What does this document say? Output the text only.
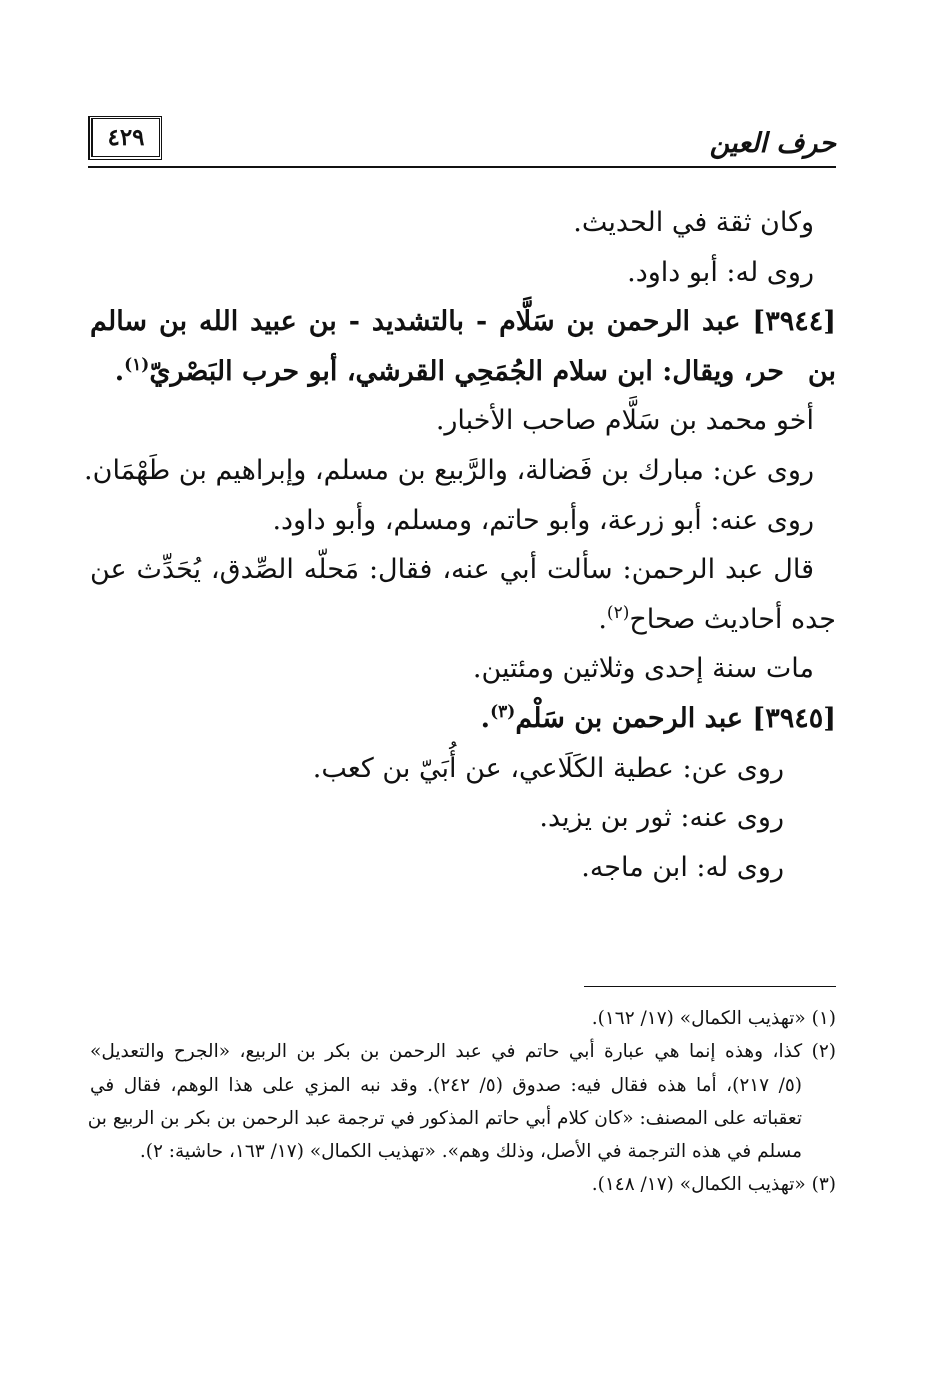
حرف العين
٤٢٩
وكان ثقة في الحديث.
روى له: أبو داود.
[٣٩٤٤] عبد الرحمن بن سَلَّام - بالتشديد - بن عبيد الله بن سالم بن
حر، ويقال: ابن سلام الجُمَحِي القرشي، أبو حرب البَصْريّ$^{(١)}$.
أخو محمد بن سَلَّام صاحب الأخبار.
روى عن: مبارك بن فَضالة، والرَّبيع بن مسلم، وإبراهيم بن طَهْمَان.
روى عنه: أبو زرعة، وأبو حاتم، ومسلم، وأبو داود.
قال عبد الرحمن: سألت أبي عنه، فقال: مَحلّه الصِّدق، يُحَدِّث عن
جده أحاديث صحاح$^{(٢)}$.
مات سنة إحدى وثلاثين ومئتين.
[٣٩٤٥] عبد الرحمن بن سَلْم$^{(٣)}$.
روى عن: عطية الكَلَاعي، عن أُبَيّ بن كعب.
روى عنه: ثور بن يزيد.
روى له: ابن ماجه.
(١) «تهذيب الكمال» (١٧/ ١٦٢).
(٢) كذا، وهذه إنما هي عبارة أبي حاتم في عبد الرحمن بن بكر بن الربيع، «الجرح والتعديل»
(٥/ ٢١٧)، أما هذه فقال فيه: صدوق (٥/ ٢٤٢). وقد نبه المزي على هذا الوهم، فقال في
تعقباته على المصنف: «كان كلام أبي حاتم المذكور في ترجمة عبد الرحمن بن بكر بن الربيع بن
مسلم في هذه الترجمة في الأصل، وذلك وهم». «تهذيب الكمال» (١٧/ ١٦٣، حاشية: ٢).
(٣) «تهذيب الكمال» (١٧/ ١٤٨).
